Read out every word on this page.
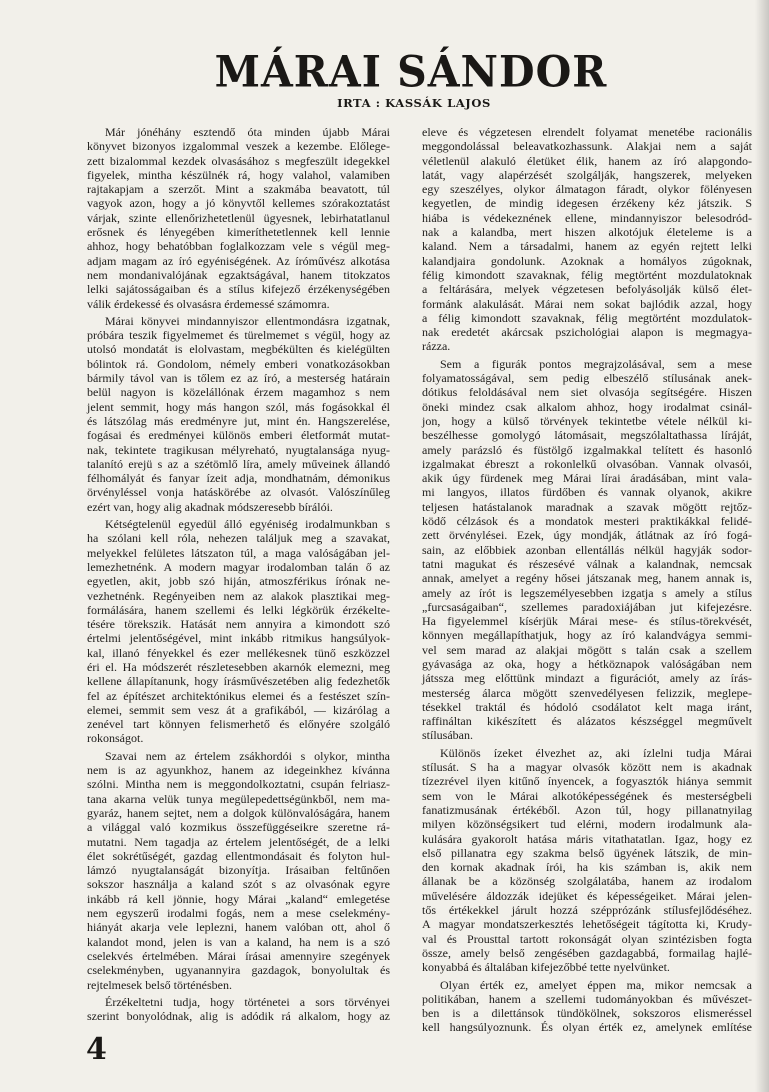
MÁRAI SÁNDOR
IRTA : KASSÁK LAJOS
Már jónéhány esztendő óta minden újabb Márai
könyvet bizonyos izgalommal veszek a kezembe. Előlege-
zett bizalommal kezdek olvasásához s megfeszült idegekkel
figyelek, mintha készülnék rá, hogy valahol, valamiben
rajtakapjam a szerzőt. Mint a szakmába beavatott, túl
vagyok azon, hogy a jó könyvtől kellemes szórakoztatást
várjak, szinte ellenőrizhetetlenül ügyesnek, lebirhatatlanul
erősnek és lényegében kimeríthetetlennek kell lennie
ahhoz, hogy behatóbban foglalkozzam vele s végül meg-
adjam magam az író egyéniségének. Az íróművész alkotása
nem mondanivalójának egzaktságával, hanem titokzatos
lelki sajátosságaiban és a stílus kifejező érzékenységében
válik érdekessé és olvasásra érdemessé számomra.
Márai könyvei mindannyiszor ellentmondásra izgatnak,
próbára teszik figyelmemet és türelmemet s végül, hogy az
utolsó mondatát is elolvastam, megbékülten és kielégülten
bólintok rá. Gondolom, némely emberi vonatkozásokban
bármily távol van is tőlem ez az író, a mesterség határain
belül nagyon is közelállónak érzem magamhoz s nem
jelent semmit, hogy más hangon szól, más fogásokkal él
és látszólag más eredményre jut, mint én. Hangszerelése,
fogásai és eredményei különös emberi életformát mutat-
nak, tekintete tragikusan mélyreható, nyugtalansága nyug-
talanító erejü s az a szétömlő líra, amely műveinek állandó
félhomályát és fanyar ízeit adja, mondhatnám, démonikus
örvényléssel vonja hatáskörébe az olvasót. Valószínűleg
ezért van, hogy alig akadnak módszeresebb bírálói.
Kétségtelenül egyedül álló egyéniség irodalmunkban s
ha szólani kell róla, nehezen találjuk meg a szavakat,
melyekkel felületes látszaton túl, a maga valóságában jel-
lemezhetnénk. A modern magyar irodalomban talán ő az
egyetlen, akit, jobb szó hiján, atmoszférikus írónak ne-
vezhetnénk. Regényeiben nem az alakok plasztikai meg-
formálására, hanem szellemi és lelki légkörük érzékelte-
tésére törekszik. Hatását nem annyira a kimondott szó
értelmi jelentőségével, mint inkább ritmikus hangsúlyok-
kal, illanó fényekkel és ezer mellékesnek tünő eszközzel
éri el. Ha módszerét részletesebben akarnók elemezni, meg
kellene állapítanunk, hogy írásművészetében alig fedezhetők
fel az építészet architektónikus elemei és a festészet szín-
elemei, semmit sem vesz át a grafikából, — kizárólag a
zenével tart könnyen felismerhető és előnyére szolgáló
rokonságot.
Szavai nem az értelem zsákhordói s olykor, mintha
nem is az agyunkhoz, hanem az idegeinkhez kívánna
szólni. Mintha nem is meggondolkoztatni, csupán felriasz-
tana akarna velük tunya megülepedettségünkből, nem ma-
gyaráz, hanem sejtet, nem a dolgok különvalóságára, hanem
a világgal való kozmikus összefüggéseikre szeretne rá-
mutatni. Nem tagadja az értelem jelentőségét, de a lelki
élet sokrétűségét, gazdag ellentmondásait és folyton hul-
lámzó nyugtalanságát bizonyítja. Irásaiban feltűnően
sokszor használja a kaland szót s az olvasónak egyre
inkább rá kell jönnie, hogy Márai „kaland“ emlegetése
nem egyszerű irodalmi fogás, nem a mese cselekmény-
hiányát akarja vele leplezni, hanem valóban ott, ahol ő
kalandot mond, jelen is van a kaland, ha nem is a szó
cselekvés értelmében. Márai írásai amennyire szegények
cselekményben, ugyanannyira gazdagok, bonyolultak és
rejtelmesek belső történésben.
Érzékeltetni tudja, hogy történetei a sors törvényei
szerint bonyolódnak, alig is adódik rá alkalom, hogy az
eleve és végzetesen elrendelt folyamat menetébe racionális
meggondolással beleavatkozhassunk. Alakjai nem a saját
véletlenül alakuló életüket élik, hanem az író alapgondo-
latát, vagy alapérzését szolgálják, hangszerek, melyeken
egy szeszélyes, olykor álmatagon fáradt, olykor fölényesen
kegyetlen, de mindig idegesen érzékeny kéz játszik. S
hiába is védekeznének ellene, mindannyiszor belesodród-
nak a kalandba, mert hiszen alkotójuk életeleme is a
kaland. Nem a társadalmi, hanem az egyén rejtett lelki
kalandjaira gondolunk. Azoknak a homályos zúgoknak,
félig kimondott szavaknak, félig megtörtént mozdulatoknak
a feltárására, melyek végzetesen befolyásolják külső élet-
formánk alakulását. Márai nem sokat bajlódik azzal, hogy
a félig kimondott szavaknak, félig megtörtént mozdulatok-
nak eredetét akárcsak pszichológiai alapon is megmagya-
rázza.
Sem a figurák pontos megrajzolásával, sem a mese
folyamatosságával, sem pedig elbeszélő stílusának anek-
dótikus feloldásával nem siet olvasója segítségére. Hiszen
öneki mindez csak alkalom ahhoz, hogy irodalmat csinál-
jon, hogy a külső törvények tekintetbe vétele nélkül ki-
beszélhesse gomolygó látomásait, megszólaltathassa líráját,
amely parázsló és füstölgő izgalmakkal telített és hasonló
izgalmakat ébreszt a rokonlelkű olvasóban. Vannak olvasói,
akik úgy fürdenek meg Márai lírai áradásában, mint vala-
mi langyos, illatos fürdőben és vannak olyanok, akikre
teljesen hatástalanok maradnak a szavak mögött rejtőz-
ködő célzások és a mondatok mesteri praktikákkal felidé-
zett örvénylései. Ezek, úgy mondják, átlátnak az író fogá-
sain, az előbbiek azonban ellentállás nélkül hagyják sodor-
tatni magukat és részesévé válnak a kalandnak, nemcsak
annak, amelyet a regény hősei játszanak meg, hanem annak is,
amely az írót is legszemélyesebben izgatja s amely a stílus
„furcsaságaiban“, szellemes paradoxiájában jut kifejezésre.
Ha figyelemmel kísérjük Márai mese- és stílus-törekvését,
könnyen megállapíthatjuk, hogy az író kalandvágya semmi-
vel sem marad az alakjai mögött s talán csak a szellem
gyávasága az oka, hogy a hétköznapok valóságában nem
játssza meg előttünk mindazt a figurációt, amely az írás-
mesterség álarca mögött szenvedélyesen felizzik, meglepe-
tésekkel traktál és hódoló csodálatot kelt maga iránt,
raffináltan kikészített és alázatos készséggel megművelt
stílusában.
Különös ízeket élvezhet az, aki ízlelni tudja Márai
stílusát. S ha a magyar olvasók között nem is akadnak
tízezrével ilyen kitűnő ínyencek, a fogyasztók hiánya semmit
sem von le Márai alkotóképességének és mesterségbeli
fanatizmusának értékéből. Azon túl, hogy pillanatnyilag
milyen közönségsikert tud elérni, modern irodalmunk ala-
kulására gyakorolt hatása máris vitathatatlan. Igaz, hogy ez
első pillanatra egy szakma belső ügyének látszik, de min-
den kornak akadnak írói, ha kis számban is, akik nem
állanak be a közönség szolgálatába, hanem az irodalom
művelésére áldozzák idejüket és képességeiket. Márai jelen-
tős értékekkel járult hozzá szépprózánk stílusfejlődéséhez.
A magyar mondatszerkesztés lehetőségeit tágította ki, Krudy-
val és Prousttal tartott rokonságát olyan szintézisben fogta
össze, amely belső zengésében gazdagabbá, formailag hajlé-
konyabbá és általában kifejezőbbé tette nyelvünket.
Olyan érték ez, amelyet éppen ma, mikor nemcsak a
politikában, hanem a szellemi tudományokban és művészet-
ben is a dilettánsok tündökölnek, sokszoros elismeréssel
kell hangsúlyoznunk. És olyan érték ez, amelynek említése
4
